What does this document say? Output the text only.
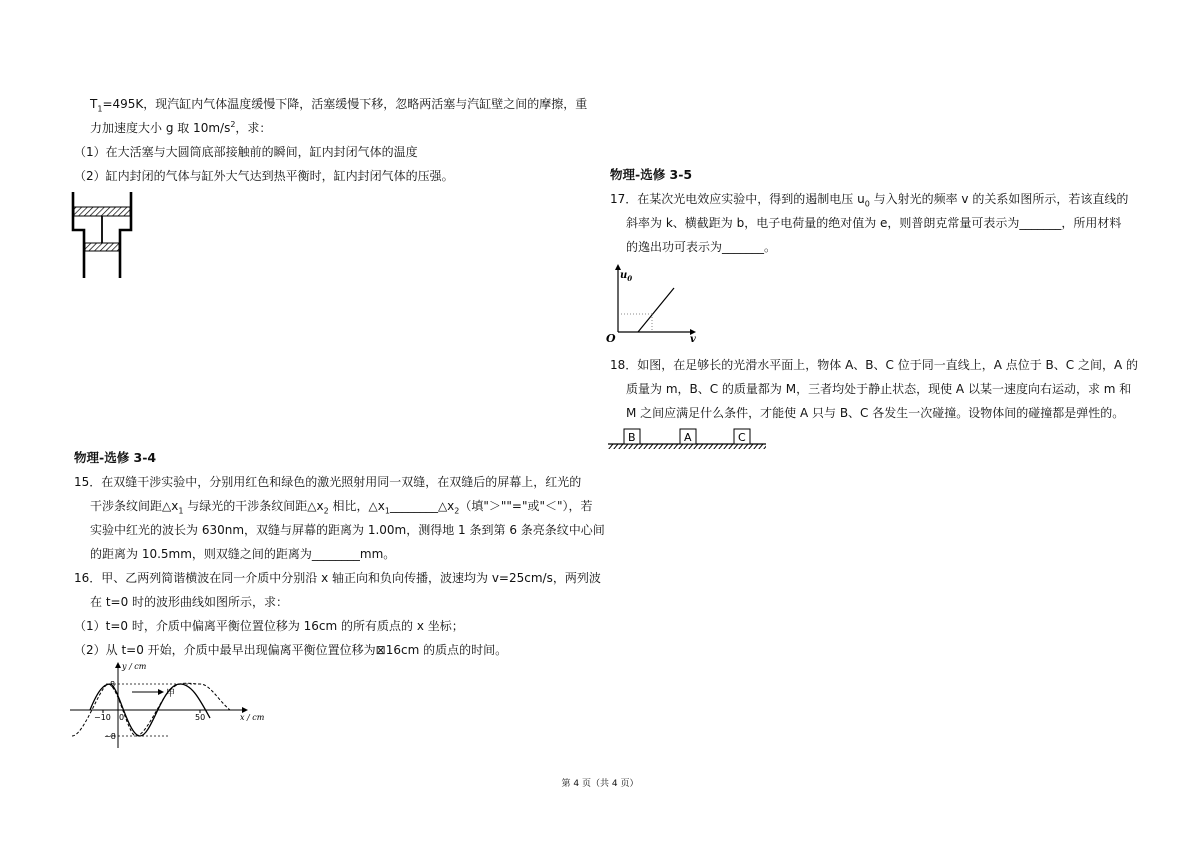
$T_1=495K$，现汽缸内气体温度缓慢下降，活塞缓慢下移，忽略两活塞与汽缸壁之间的摩擦，重
力加速度大小 g 取 $10m/s^2$，求：
（1）在大活塞与大圆筒底部接触前的瞬间，缸内封闭气体的温度
（2）缸内封闭的气体与缸外大气达到热平衡时，缸内封闭气体的压强。
物理-选修 3-4
15．在双缝干涉实验中，分别用红色和绿色的激光照射用同一双缝，在双缝后的屏幕上，红光的
干涉条纹间距$\triangle x_1$ 与绿光的干涉条纹间距$\triangle x_2$ 相比，$\triangle x_1\_\_\_\_\_\_\_\_\triangle x_2$（填"＞""="或"＜"），若
实验中红光的波长为 630nm，双缝与屏幕的距离为 1.00m，测得地 1 条到第 6 条亮条纹中心间
的距离为 10.5mm，则双缝之间的距离为________mm。
16．甲、乙两列简谐横波在同一介质中分别沿 x 轴正向和负向传播，波速均为 v=25cm/s，两列波
在 t=0 时的波形曲线如图所示，求：
（1）t=0 时，介质中偏离平衡位置位移为 16cm 的所有质点的 x 坐标；
（2）从 t=0 开始，介质中最早出现偏离平衡位置位移为⊠16cm 的质点的时间。
甲
y / cm
x / cm
8
−8
−10 0	50
物理-选修 3-5
17．在某次光电效应实验中，得到的遏制电压 $u_0$ 与入射光的频率 v 的关系如图所示，若该直线的
斜率为 k、横截距为 b，电子电荷量的绝对值为 e，则普朗克常量可表示为_______，所用材料
的逸出功可表示为_______。
$u_0$
O	v
18．如图，在足够长的光滑水平面上，物体 A、B、C 位于同一直线上，A 点位于 B、C 之间，A 的
质量为 m，B、C 的质量都为 M，三者均处于静止状态，现使 A 以某一速度向右运动，求 m 和
M 之间应满足什么条件，才能使 A 只与 B、C 各发生一次碰撞。设物体间的碰撞都是弹性的。
B	A	C
第 4 页（共 4 页）
